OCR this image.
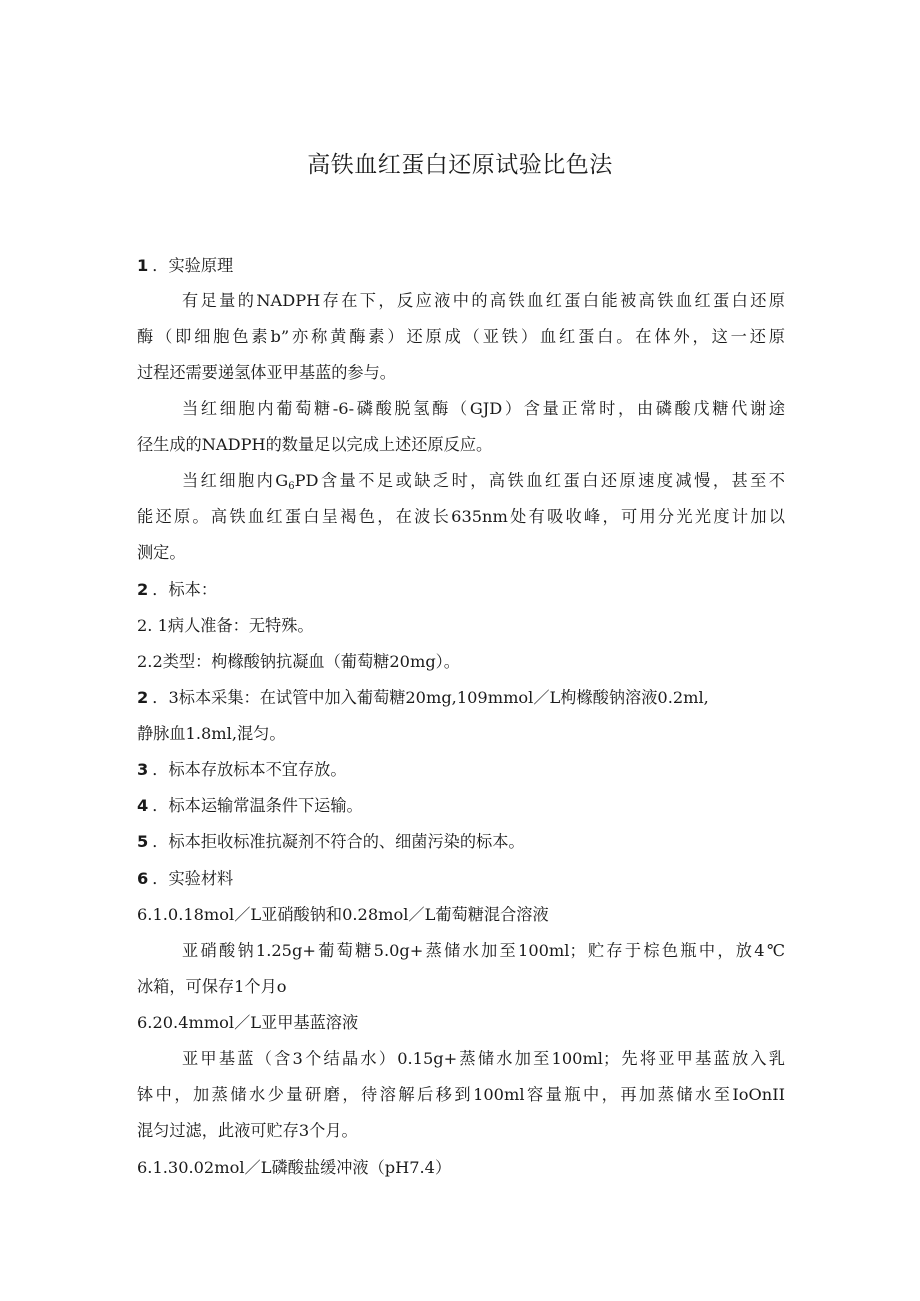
高铁血红蛋白还原试验比色法
1 ．实验原理
有足量的NADPH存在下，反应液中的高铁血红蛋白能被高铁血红蛋白还原
酶（即细胞色素b”亦称黄酶素）还原成（亚铁）血红蛋白。在体外，这一还原
过程还需要递氢体亚甲基蓝的参与。
当红细胞内葡萄糖-6-磷酸脱氢酶（GJD）含量正常时，由磷酸戊糖代谢途
径生成的NADPH的数量足以完成上述还原反应。
当红细胞内$G_6PD$含量不足或缺乏时，高铁血红蛋白还原速度减慢，甚至不
能还原。高铁血红蛋白呈褐色，在波长635nm处有吸收峰，可用分光光度计加以
测定。
2 ．标本：
2. 1病人准备：无特殊。
2.2类型：枸橼酸钠抗凝血（葡萄糖20mg）。
2 ．3标本采集：在试管中加入葡萄糖20mg,109mmol／L枸橼酸钠溶液0.2ml,
静脉血1.8ml,混匀。
3 ．标本存放标本不宜存放。
4 ．标本运输常温条件下运输。
5 ．标本拒收标准抗凝剂不符合的、细菌污染的标本。
6 ．实验材料
6.1.0.18mol／L亚硝酸钠和0.28mol／L葡萄糖混合溶液
亚硝酸钠1.25g+葡萄糖5.0g+蒸储水加至100ml；贮存于棕色瓶中，放4℃
冰箱，可保存1个月o
6.20.4mmol／L亚甲基蓝溶液
亚甲基蓝（含3个结晶水）0.15g+蒸储水加至100ml；先将亚甲基蓝放入乳
钵中，加蒸储水少量研磨，待溶解后移到100ml容量瓶中，再加蒸储水至IoOnII
混匀过滤，此液可贮存3个月。
6.1.30.02mol／L磷酸盐缓冲液（pH7.4）
